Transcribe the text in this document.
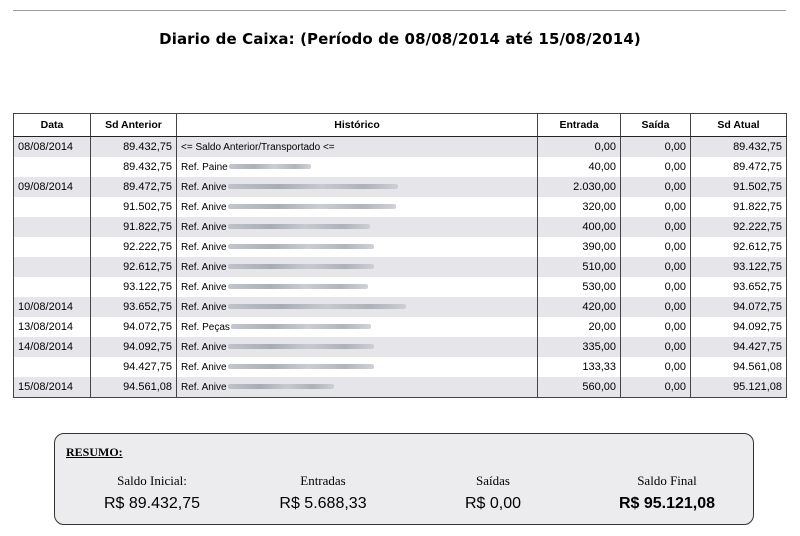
Diario de Caixa: (Período de 08/08/2014 até 15/08/2014)
Data	Sd Anterior	Histórico	Entrada	Saída	Sd Atual
08/08/2014	89.432,75	<= Saldo Anterior/Transportado <=	0,00	0,00	89.432,75
	89.432,75	Ref. Paine	40,00	0,00	89.472,75
09/08/2014	89.472,75	Ref. Anive	2.030,00	0,00	91.502,75
	91.502,75	Ref. Anive	320,00	0,00	91.822,75
	91.822,75	Ref. Anive	400,00	0,00	92.222,75
	92.222,75	Ref. Anive	390,00	0,00	92.612,75
	92.612,75	Ref. Anive	510,00	0,00	93.122,75
	93.122,75	Ref. Anive	530,00	0,00	93.652,75
10/08/2014	93.652,75	Ref. Anive	420,00	0,00	94.072,75
13/08/2014	94.072,75	Ref. Peças	20,00	0,00	94.092,75
14/08/2014	94.092,75	Ref. Anive	335,00	0,00	94.427,75
	94.427,75	Ref. Anive	133,33	0,00	94.561,08
15/08/2014	94.561,08	Ref. Anive	560,00	0,00	95.121,08
RESUMO:
Saldo Inicial:
R$ 89.432,75
Entradas
R$ 5.688,33
Saídas
R$ 0,00
Saldo Final
R$ 95.121,08
